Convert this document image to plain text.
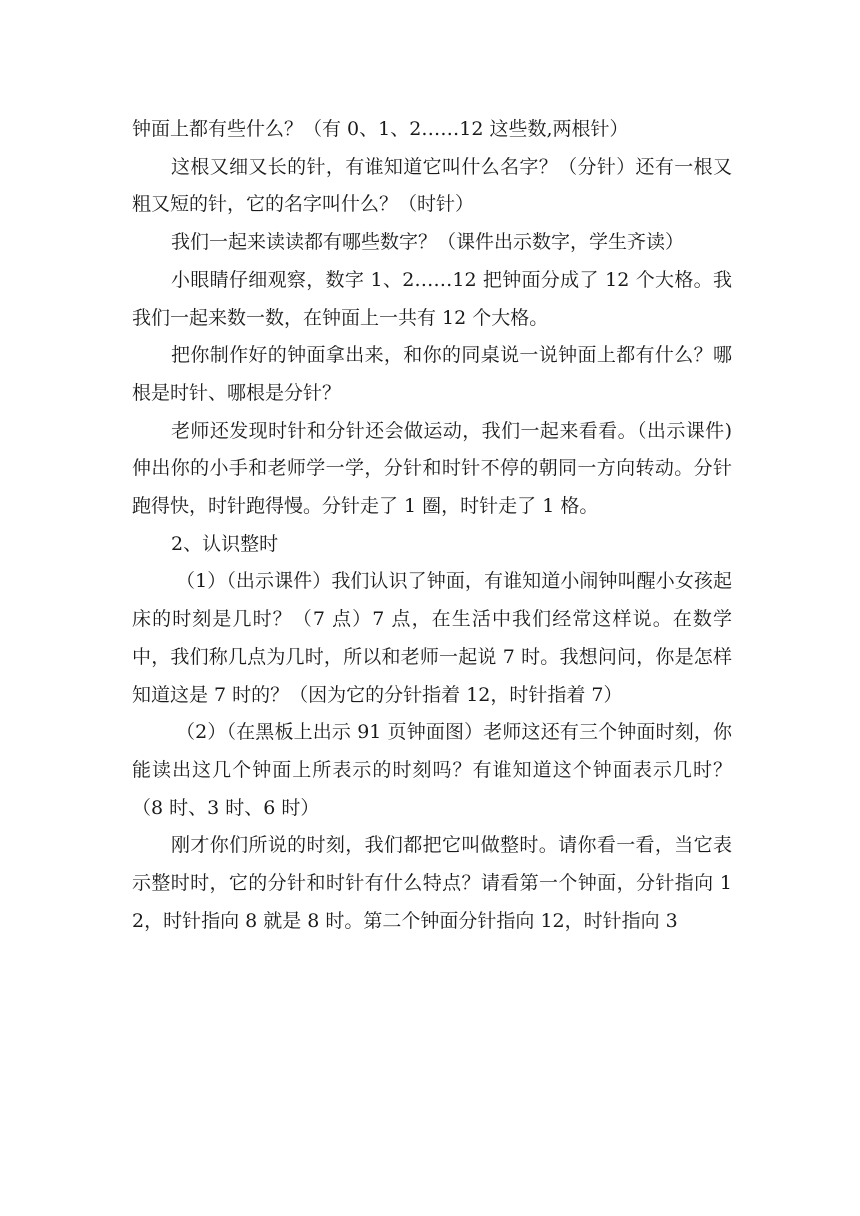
钟面上都有些什么？（有 0、1、2……12 这些数,两根针）

这根又细又长的针，有谁知道它叫什么名字？（分针）还有一根又粗又短的针，它的名字叫什么？（时针）

我们一起来读读都有哪些数字？（课件出示数字，学生齐读）

小眼睛仔细观察，数字 1、2……12 把钟面分成了 12 个大格。我我们一起来数一数，在钟面上一共有 12 个大格。

把你制作好的钟面拿出来，和你的同桌说一说钟面上都有什么？哪根是时针、哪根是分针？

老师还发现时针和分针还会做运动，我们一起来看看。（出示课件)伸出你的小手和老师学一学，分针和时针不停的朝同一方向转动。分针跑得快，时针跑得慢。分针走了 1 圈，时针走了 1 格。

2、认识整时

（1）（出示课件）我们认识了钟面，有谁知道小闹钟叫醒小女孩起床的时刻是几时？（7 点）7 点，在生活中我们经常这样说。在数学中，我们称几点为几时，所以和老师一起说 7 时。我想问问，你是怎样知道这是 7 时的？（因为它的分针指着 12，时针指着 7）

（2）（在黑板上出示 91 页钟面图）老师这还有三个钟面时刻，你能读出这几个钟面上所表示的时刻吗？有谁知道这个钟面表示几时？（8 时、3 时、6 时）

刚才你们所说的时刻，我们都把它叫做整时。请你看一看，当它表示整时时，它的分针和时针有什么特点？请看第一个钟面，分针指向 12，时针指向 8 就是 8 时。第二个钟面分针指向 12，时针指向 3
